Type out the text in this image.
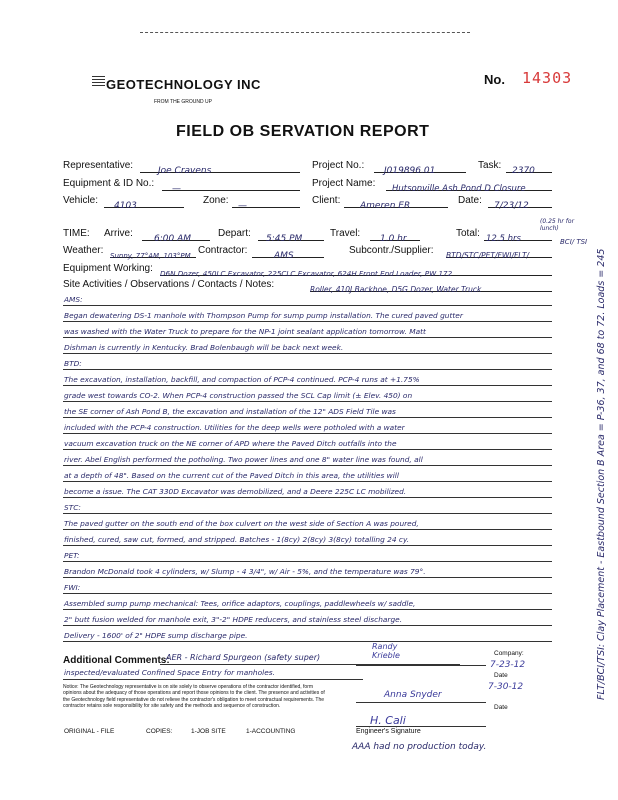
GEOTECHNOLOGY INC
FROM THE GROUND UP
No. 14303
FIELD OB SERVATION REPORT
Representative:	Joe Cravens	Project No.:	J019896.01	Task:	2370
Equipment & ID No.:	—	Project Name:	Hutsonville Ash Pond D Closure
Vehicle:	4103	Zone:	—	Client:	Ameren ER	Date:	7/23/12
TIME: Arrive:	6:00 AM	Depart:	5:45 PM	Travel:	1.0 hr	Total: 12.5 hrs
(0.25 hr for lunch)
Weather: Sunny, 77°AM, 103°PM Contractor:	AMS	Subcontr./Supplier: BTD/STC/PET/FWI/FLT/
BCI/ TSI
Equipment Working: D6N Dozer, 450LC Excavator, 225CLC Excavator, 624H Front End Loader, PW 172
Site Activities / Observations / Contacts / Notes:	Roller, 410J Backhoe, D5G Dozer, Water Truck
AMS:
Began dewatering DS-1 manhole with Thompson Pump for sump pump installation. The cured paved gutter
was washed with the Water Truck to prepare for the NP-1 joint sealant application tomorrow. Matt
Dishman is currently in Kentucky. Brad Bolenbaugh will be back next week.
BTD:
The excavation, installation, backfill, and compaction of PCP-4 continued. PCP-4 runs at +1.75%
grade west towards CO-2. When PCP-4 construction passed the SCL Cap limit (± Elev. 450) on
the SE corner of Ash Pond B, the excavation and installation of the 12" ADS Field Tile was
included with the PCP-4 construction. Utilities for the deep wells were potholed with a water
vacuum excavation truck on the NE corner of APD where the Paved Ditch outfalls into the
river. Abel English performed the potholing. Two power lines and one 8" water line was found, all
at a depth of 48". Based on the current cut of the Paved Ditch in this area, the utilities will
become a issue. The CAT 330D Excavator was demobilized, and a Deere 225C LC mobilized.
STC:
The paved gutter on the south end of the box culvert on the west side of Section A was poured,
finished, cured, saw cut, formed, and stripped. Batches - 1(8cy) 2(8cy) 3(8cy) totalling 24 cy.
PET:
Brandon McDonald took 4 cylinders, w/ Slump - 4 3/4", w/ Air - 5%, and the temperature was 79°.
FWI:
Assembled sump pump mechanical: Tees, orifice adaptors, couplings, paddlewheels w/ saddle,
2" butt fusion welded for manhole exit, 3"-2" HDPE reducers, and stainless steel discharge.
Delivery - 1600' of 2" HDPE sump discharge pipe.
Additional Comments:
AER - Richard Spurgeon (safety super)
inspected/evaluated Confined Space Entry for manholes.
Notice: The Geotechnology representative is on site solely to observe operations of the contractor identified, form opinions about the adequacy of those operations and report those opinions to the client. The presence and activities of the Geotechnology field representative do not relieve the contractor's obligation to meet contractual requirements. The contractor retains sole responsibility for site safety and the methods and sequence of construction.
Randy
Krieble
Anna Snyder
H. Cali
Company:
7-23-12
Date
7-30-12
Date
Engineer's Signature
FLT/BCI/TSI: Clay Placement - Eastbound Section B Area = P-36, 37, and 68 to 72. Loads = 245
ORIGINAL - FILE	COPIES:	1-JOB SITE	1-ACCOUNTING
AAA had no production today.
